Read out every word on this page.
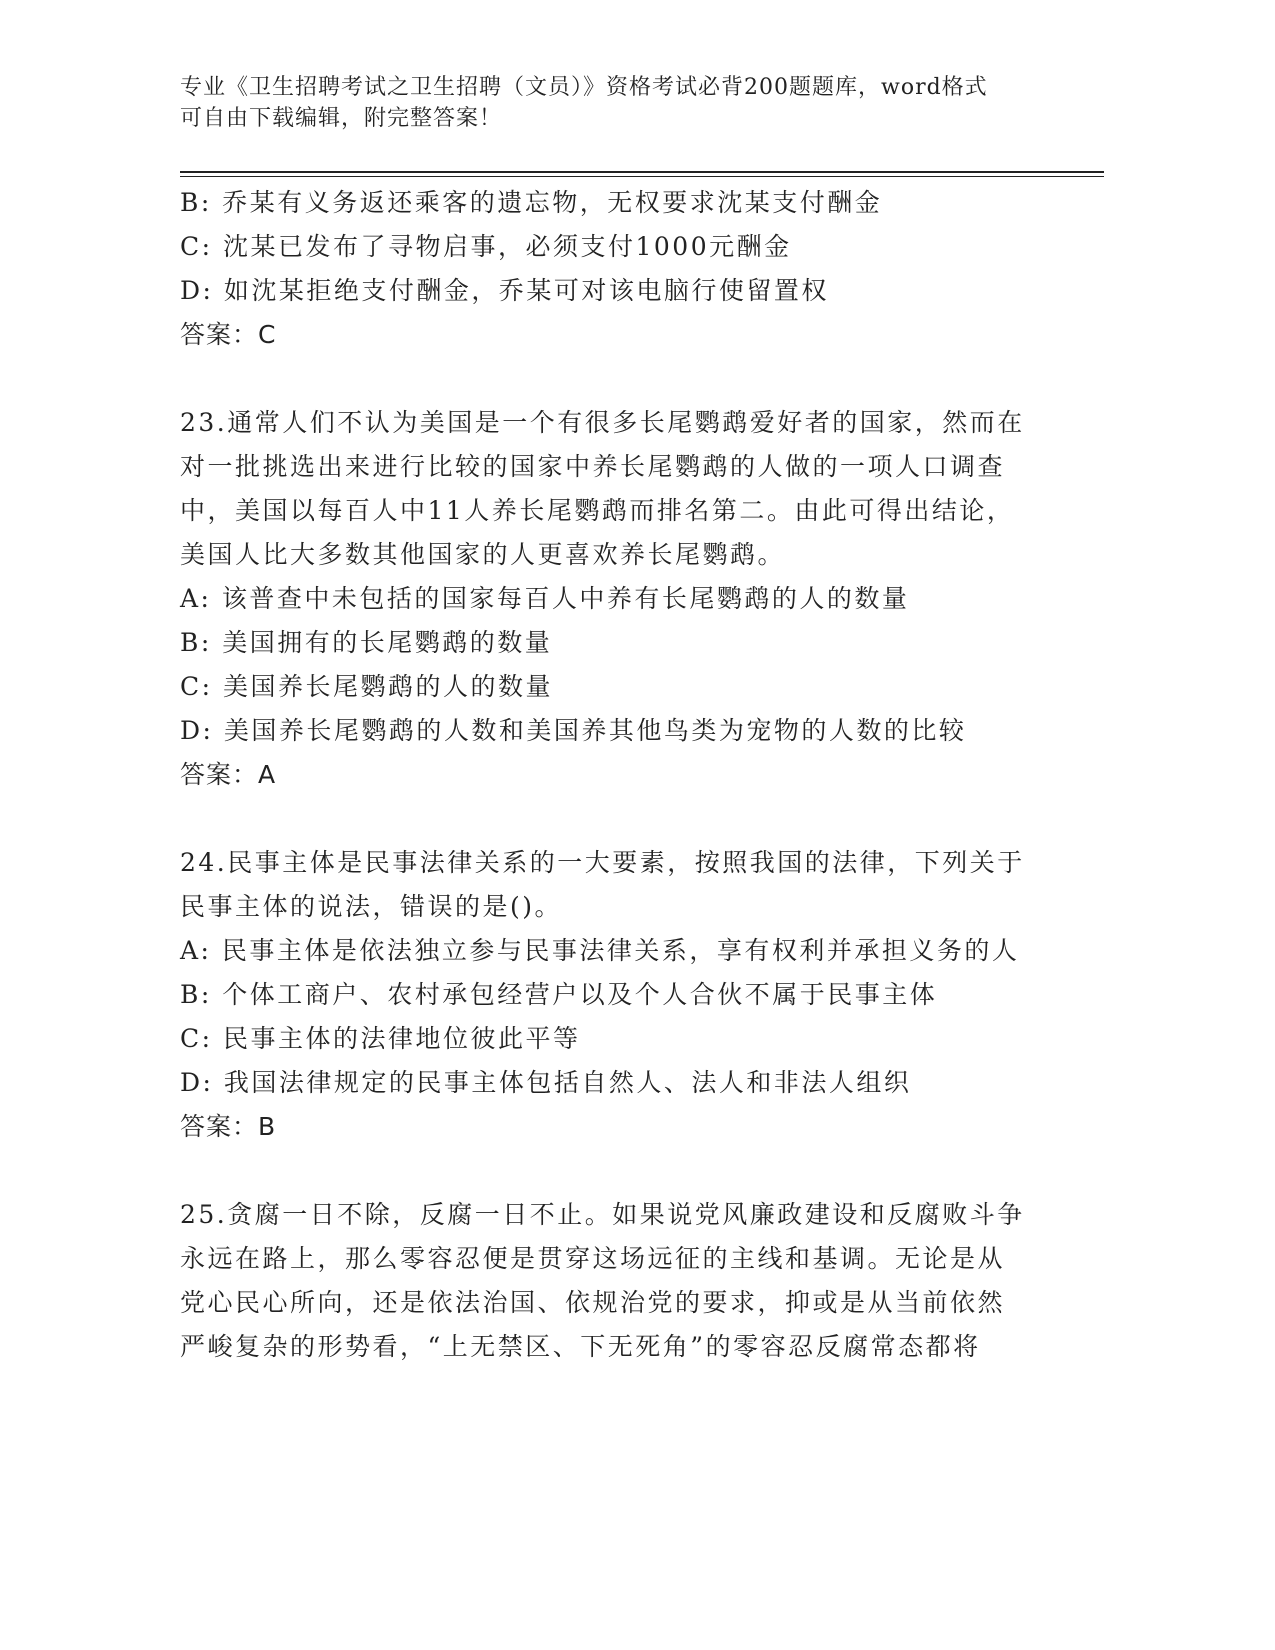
专业《卫生招聘考试之卫生招聘（文员）》资格考试必背200题题库，word格式
可自由下载编辑，附完整答案！
B: 乔某有义务返还乘客的遗忘物，无权要求沈某支付酬金
C: 沈某已发布了寻物启事，必须支付1000元酬金
D: 如沈某拒绝支付酬金，乔某可对该电脑行使留置权
答案：C
23.通常人们不认为美国是一个有很多长尾鹦鹉爱好者的国家，然而在
对一批挑选出来进行比较的国家中养长尾鹦鹉的人做的一项人口调查
中，美国以每百人中11人养长尾鹦鹉而排名第二。由此可得出结论，
美国人比大多数其他国家的人更喜欢养长尾鹦鹉。
A: 该普查中未包括的国家每百人中养有长尾鹦鹉的人的数量
B: 美国拥有的长尾鹦鹉的数量
C: 美国养长尾鹦鹉的人的数量
D: 美国养长尾鹦鹉的人数和美国养其他鸟类为宠物的人数的比较
答案：A
24.民事主体是民事法律关系的一大要素，按照我国的法律，下列关于
民事主体的说法，错误的是()。
A: 民事主体是依法独立参与民事法律关系，享有权利并承担义务的人
B: 个体工商户、农村承包经营户以及个人合伙不属于民事主体
C: 民事主体的法律地位彼此平等
D: 我国法律规定的民事主体包括自然人、法人和非法人组织
答案：B
25.贪腐一日不除，反腐一日不止。如果说党风廉政建设和反腐败斗争
永远在路上，那么零容忍便是贯穿这场远征的主线和基调。无论是从
党心民心所向，还是依法治国、依规治党的要求，抑或是从当前依然
严峻复杂的形势看，“上无禁区、下无死角”的零容忍反腐常态都将
